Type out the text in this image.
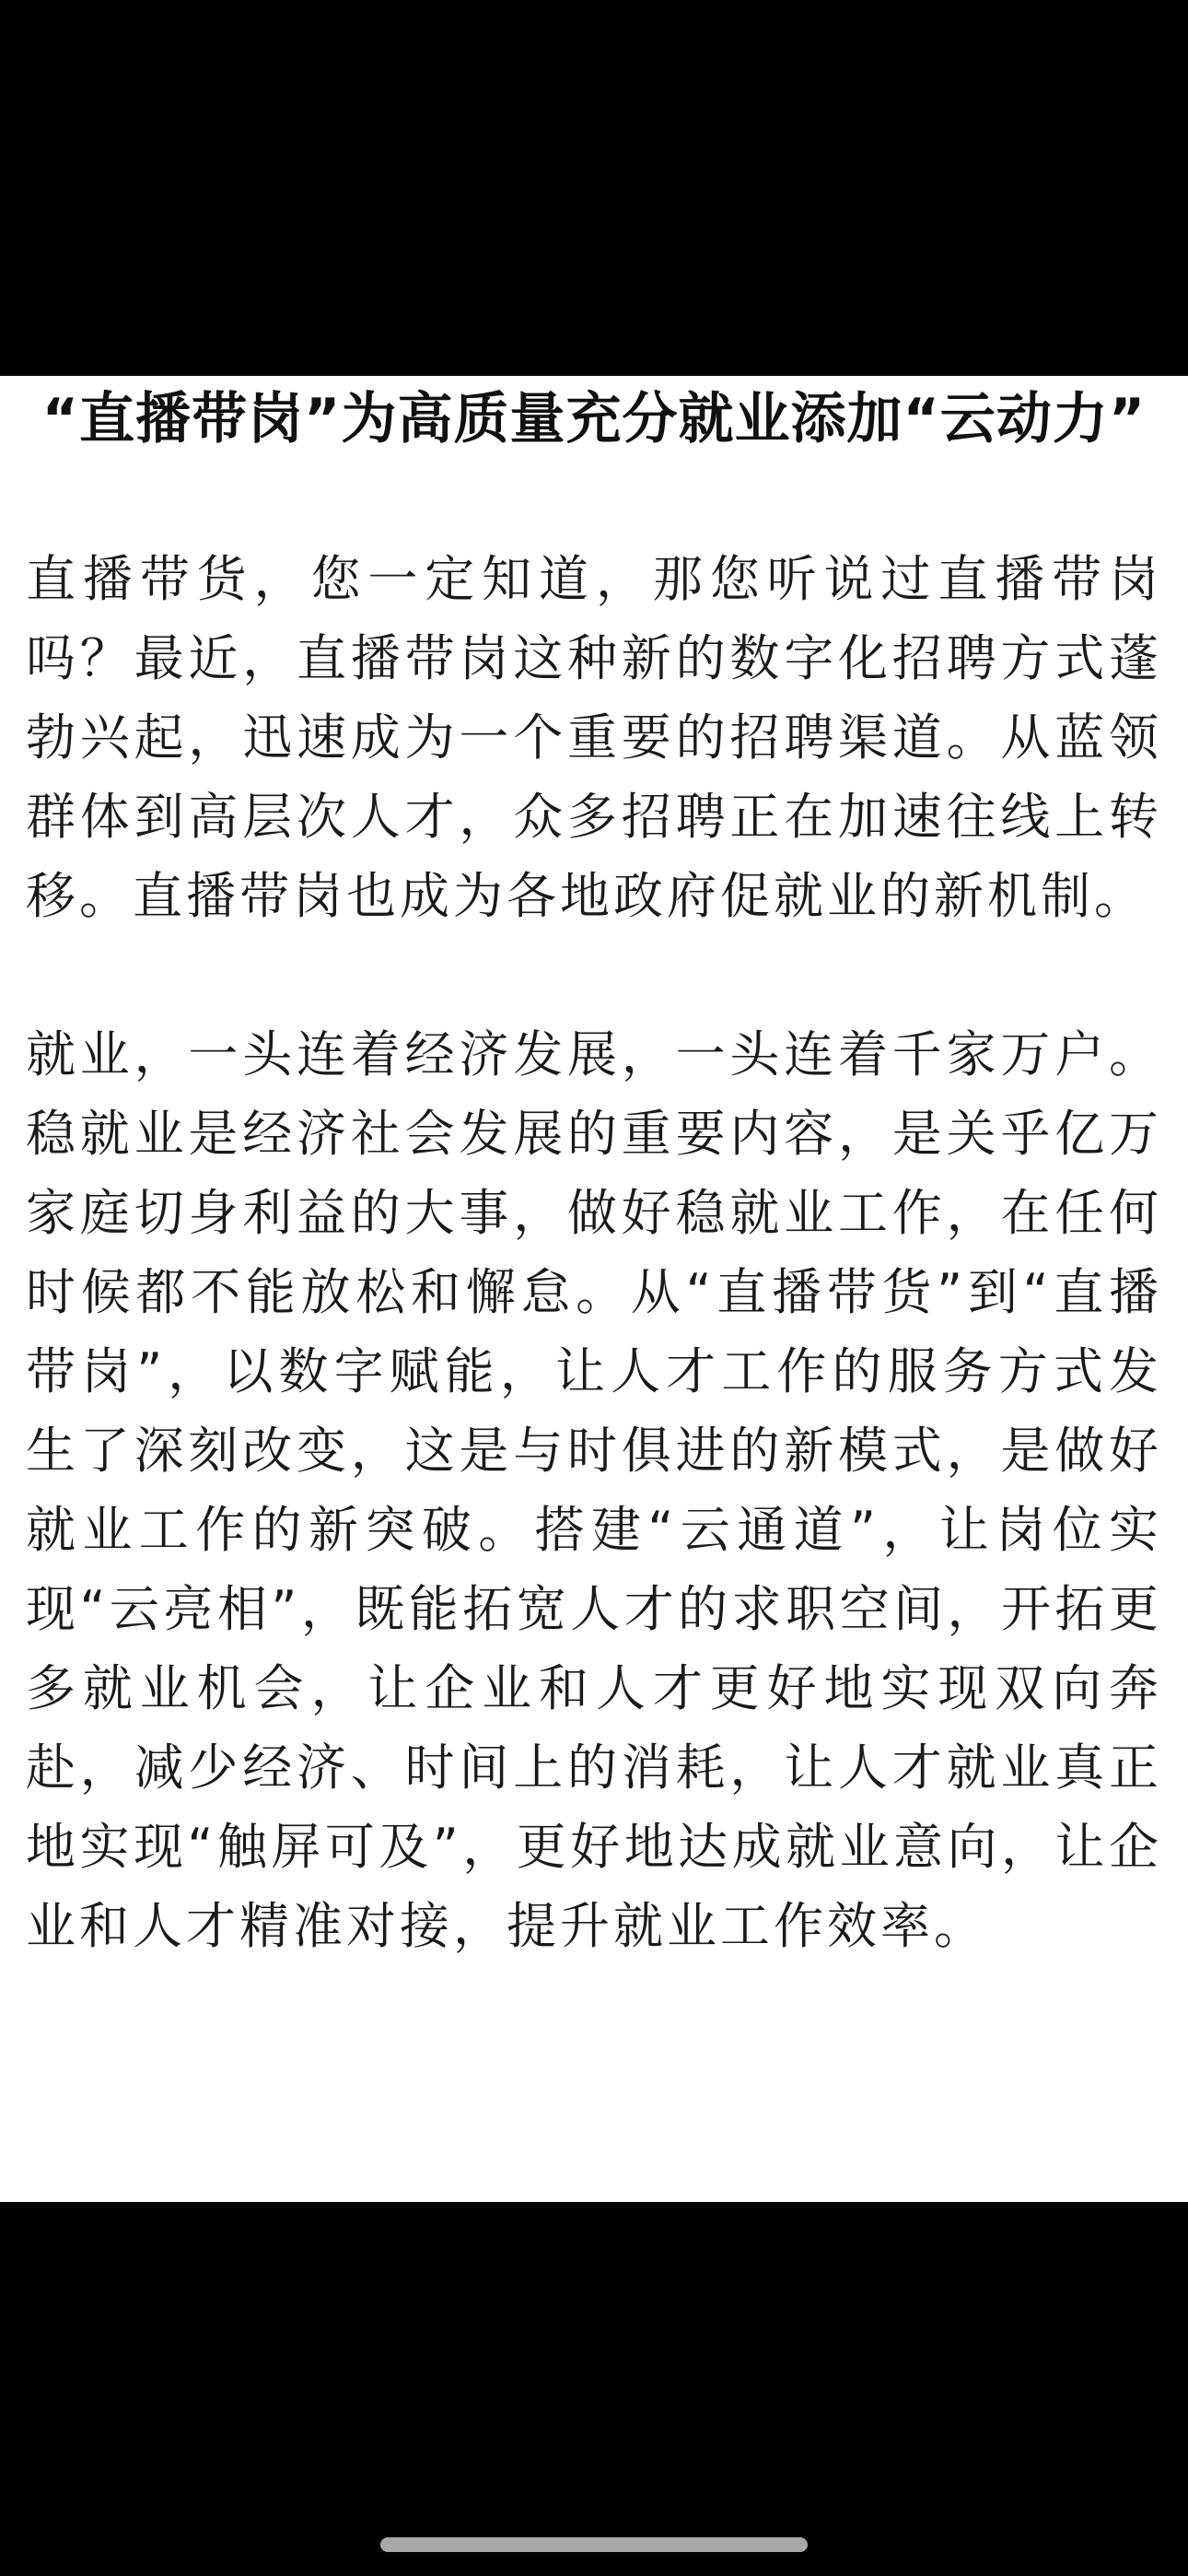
“直播带岗”为高质量充分就业添加“云动力”

直播带货，您一定知道，那您听说过直播带岗吗？最近，直播带岗这种新的数字化招聘方式蓬勃兴起，迅速成为一个重要的招聘渠道。从蓝领群体到高层次人才，众多招聘正在加速往线上转移。直播带岗也成为各地政府促就业的新机制。

就业，一头连着经济发展，一头连着千家万户。稳就业是经济社会发展的重要内容，是关乎亿万家庭切身利益的大事，做好稳就业工作，在任何时候都不能放松和懈怠。从“直播带货”到“直播带岗”，以数字赋能，让人才工作的服务方式发生了深刻改变，这是与时俱进的新模式，是做好就业工作的新突破。搭建“云通道”，让岗位实现“云亮相”，既能拓宽人才的求职空间，开拓更多就业机会，让企业和人才更好地实现双向奔赴，减少经济、时间上的消耗，让人才就业真正地实现“触屏可及”，更好地达成就业意向，让企业和人才精准对接，提升就业工作效率。
